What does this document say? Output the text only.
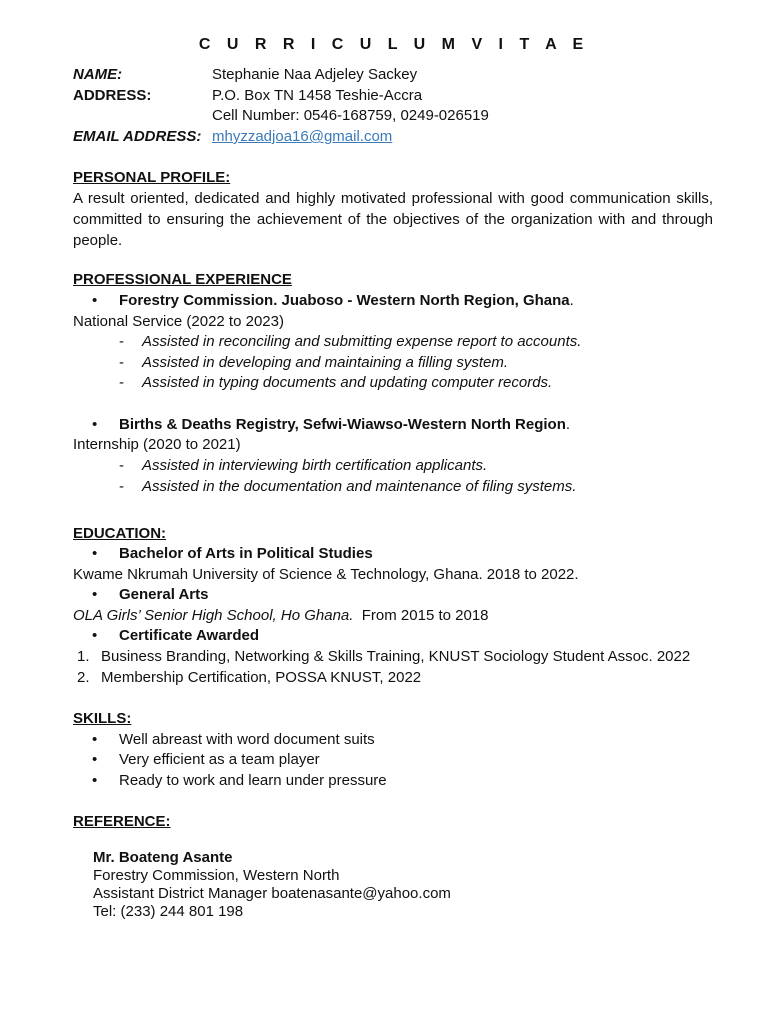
C U R R I C U L U M V I T A E
NAME:	Stephanie Naa Adjeley Sackey
ADDRESS:	P.O. Box TN 1458 Teshie-Accra
Cell Number: 0546-168759, 0249-026519
EMAIL ADDRESS: mhyzzadjoa16@gmail.com
PERSONAL PROFILE:
A result oriented, dedicated and highly motivated professional with good communication skills, committed to ensuring the achievement of the objectives of the organization with and through people.
PROFESSIONAL EXPERIENCE
• Forestry Commission. Juaboso - Western North Region, Ghana.
National Service (2022 to 2023)
- Assisted in reconciling and submitting expense report to accounts.
- Assisted in developing and maintaining a filling system.
- Assisted in typing documents and updating computer records.
• Births & Deaths Registry, Sefwi-Wiawso-Western North Region.
Internship (2020 to 2021)
- Assisted in interviewing birth certification applicants.
- Assisted in the documentation and maintenance of filing systems.
EDUCATION:
• Bachelor of Arts in Political Studies
Kwame Nkrumah University of Science & Technology, Ghana. 2018 to 2022.
• General Arts
OLA Girls’ Senior High School, Ho Ghana. From 2015 to 2018
• Certificate Awarded
1. Business Branding, Networking & Skills Training, KNUST Sociology Student Assoc. 2022
2. Membership Certification, POSSA KNUST, 2022
SKILLS:
• Well abreast with word document suits
• Very efficient as a team player
• Ready to work and learn under pressure
REFERENCE:
Mr. Boateng Asante
Forestry Commission, Western North
Assistant District Manager boatenasante@yahoo.com
Tel: (233) 244 801 198
